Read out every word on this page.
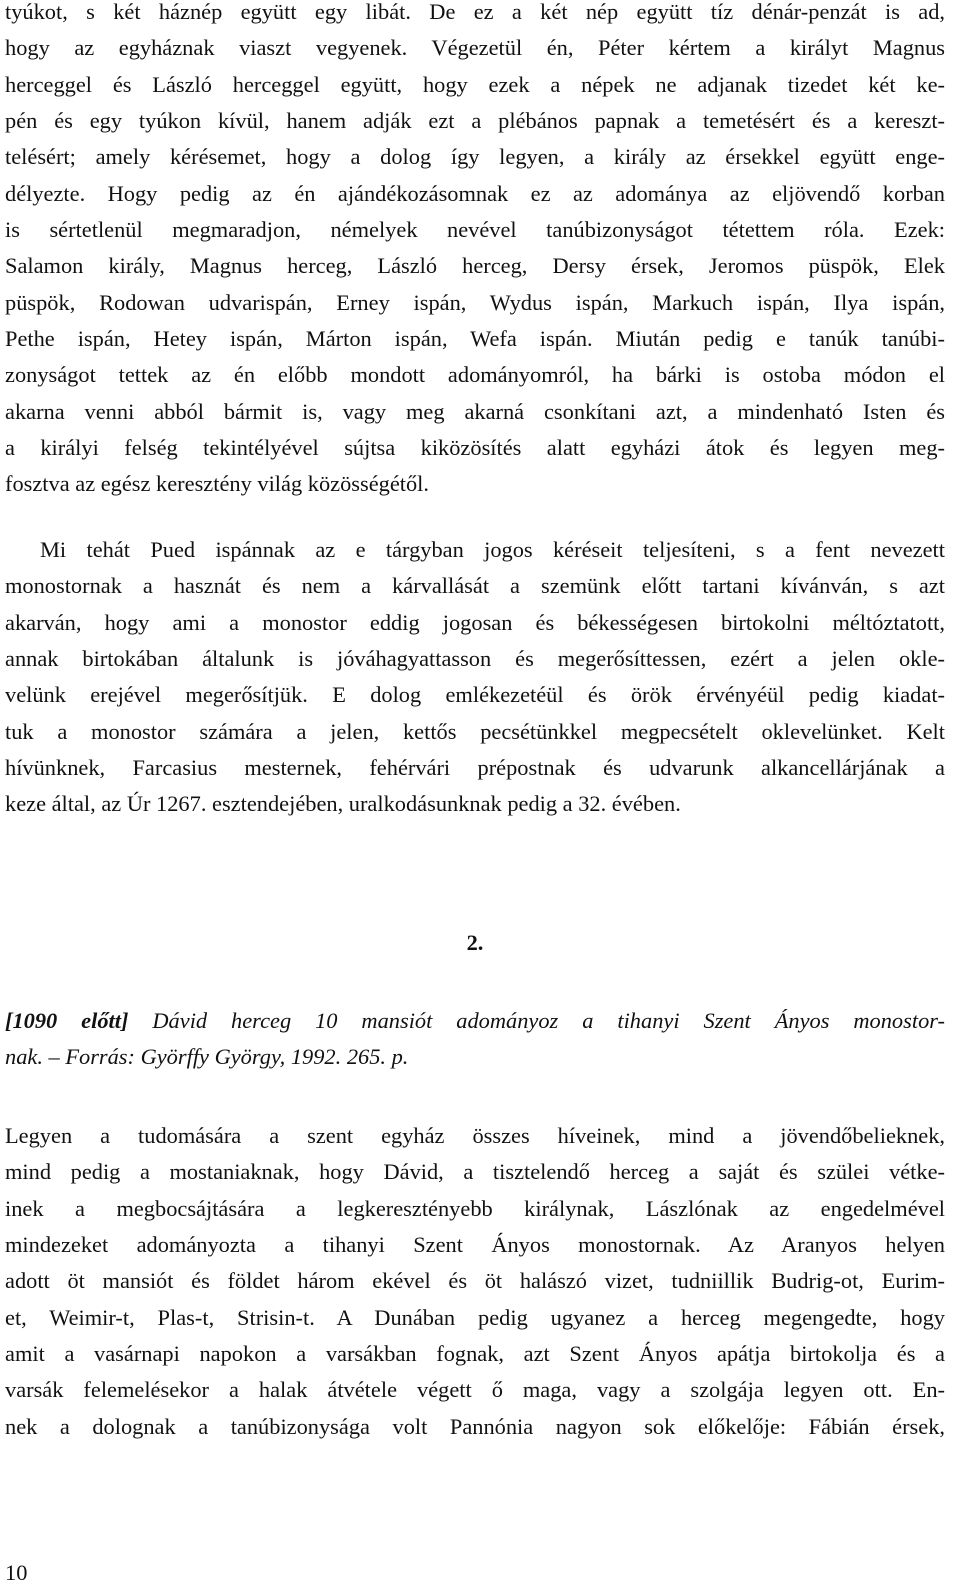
tyúkot, s két háznép együtt egy libát. De ez a két nép együtt tíz dénár-penzát is ad,
hogy az egyháznak viaszt vegyenek. Végezetül én, Péter kértem a királyt Magnus
herceggel és László herceggel együtt, hogy ezek a népek ne adjanak tizedet két ke-
pén és egy tyúkon kívül, hanem adják ezt a plébános papnak a temetésért és a kereszt-
telésért; amely kérésemet, hogy a dolog így legyen, a király az érsekkel együtt enge-
délyezte. Hogy pedig az én ajándékozásomnak ez az adománya az eljövendő korban
is sértetlenül megmaradjon, némelyek nevével tanúbizonyságot tétettem róla. Ezek:
Salamon király, Magnus herceg, László herceg, Dersy érsek, Jeromos püspök, Elek
püspök, Rodowan udvarispán, Erney ispán, Wydus ispán, Markuch ispán, Ilya ispán,
Pethe ispán, Hetey ispán, Márton ispán, Wefa ispán. Miután pedig e tanúk tanúbi-
zonyságot tettek az én előbb mondott adományomról, ha bárki is ostoba módon el
akarna venni abból bármit is, vagy meg akarná csonkítani azt, a mindenható Isten és
a királyi felség tekintélyével sújtsa kiközösítés alatt egyházi átok és legyen meg-
fosztva az egész keresztény világ közösségétől.
Mi tehát Pued ispánnak az e tárgyban jogos kéréseit teljesíteni, s a fent nevezett
monostornak a hasznát és nem a kárvallását a szemünk előtt tartani kívánván, s azt
akarván, hogy ami a monostor eddig jogosan és békességesen birtokolni méltóztatott,
annak birtokában általunk is jóváhagyattasson és megerősíttessen, ezért a jelen okle-
velünk erejével megerősítjük. E dolog emlékezetéül és örök érvényéül pedig kiadat-
tuk a monostor számára a jelen, kettős pecsétünkkel megpecsételt oklevelünket. Kelt
hívünknek, Farcasius mesternek, fehérvári prépostnak és udvarunk alkancellárjának a
keze által, az Úr 1267. esztendejében, uralkodásunknak pedig a 32. évében.
2.
[1090 előtt] Dávid herceg 10 mansiót adományoz a tihanyi Szent Ányos monostor-
nak. – Forrás: Györffy György, 1992. 265. p.
Legyen a tudomására a szent egyház összes híveinek, mind a jövendőbelieknek,
mind pedig a mostaniaknak, hogy Dávid, a tisztelendő herceg a saját és szülei vétke-
inek a megbocsájtására a legkeresztényebb királynak, Lászlónak az engedelmével
mindezeket adományozta a tihanyi Szent Ányos monostornak. Az Aranyos helyen
adott öt mansiót és földet három ekével és öt halászó vizet, tudniillik Budrig-ot, Eurim-
et, Weimir-t, Plas-t, Strisin-t. A Dunában pedig ugyanez a herceg megengedte, hogy
amit a vasárnapi napokon a varsákban fognak, azt Szent Ányos apátja birtokolja és a
varsák felemelésekor a halak átvétele végett ő maga, vagy a szolgája legyen ott. En-
nek a dolognak a tanúbizonysága volt Pannónia nagyon sok előkelője: Fábián érsek,
10
